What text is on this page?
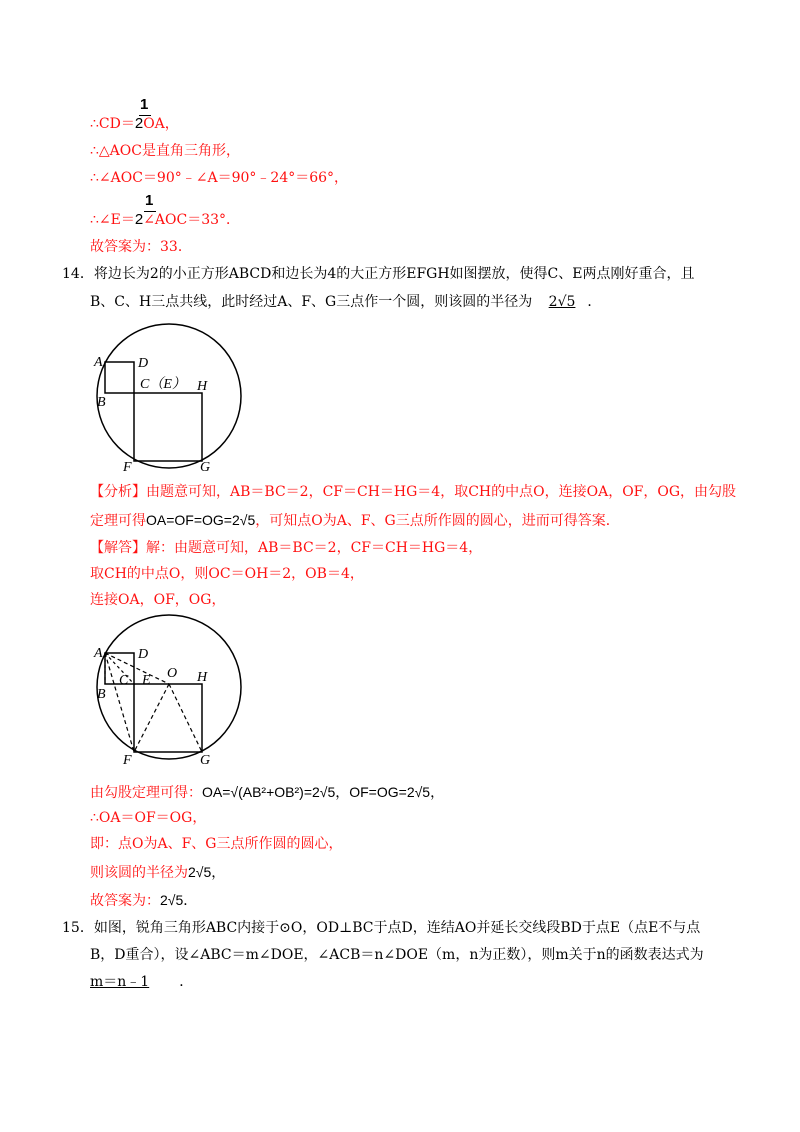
1
∴CD＝2OA，
∴△AOC是直角三角形，
∴∠AOC＝90°﹣∠A＝90°﹣24°＝66°，
1
∴∠E＝2∠AOC＝33°．
故答案为：33．
14．将边长为2的小正方形ABCD和边长为4的大正方形EFGH如图摆放，使得C、E两点刚好重合，且
B、C、H三点共线，此时经过A、F、G三点作一个圆，则该圆的半径为 2√5 ．
A	D
C（E） H
B
F	G
【分析】由题意可知，AB＝BC＝2，CF＝CH＝HG＝4，取CH的中点O，连接OA，OF，OG，由勾股
定理可得OA=OF=OG=2√5，可知点O为A、F、G三点所作圆的圆心，进而可得答案．
【解答】解：由题意可知，AB＝BC＝2，CF＝CH＝HG＝4，
取CH的中点O，则OC＝OH＝2，OB＝4，
连接OA，OF，OG，
A	D
O H
B
C E
F	G
由勾股定理可得：OA=√(AB²+OB²)=2√5，OF=OG=2√5，
∴OA＝OF＝OG，
即：点O为A、F、G三点所作圆的圆心，
则该圆的半径为2√5，
故答案为：2√5．
15．如图，锐角三角形ABC内接于⊙O，OD⊥BC于点D，连结AO并延长交线段BD于点E（点E不与点
B，D重合），设∠ABC＝m∠DOE，∠ACB＝n∠DOE（m，n为正数），则m关于n的函数表达式为
m＝n﹣1 ．
